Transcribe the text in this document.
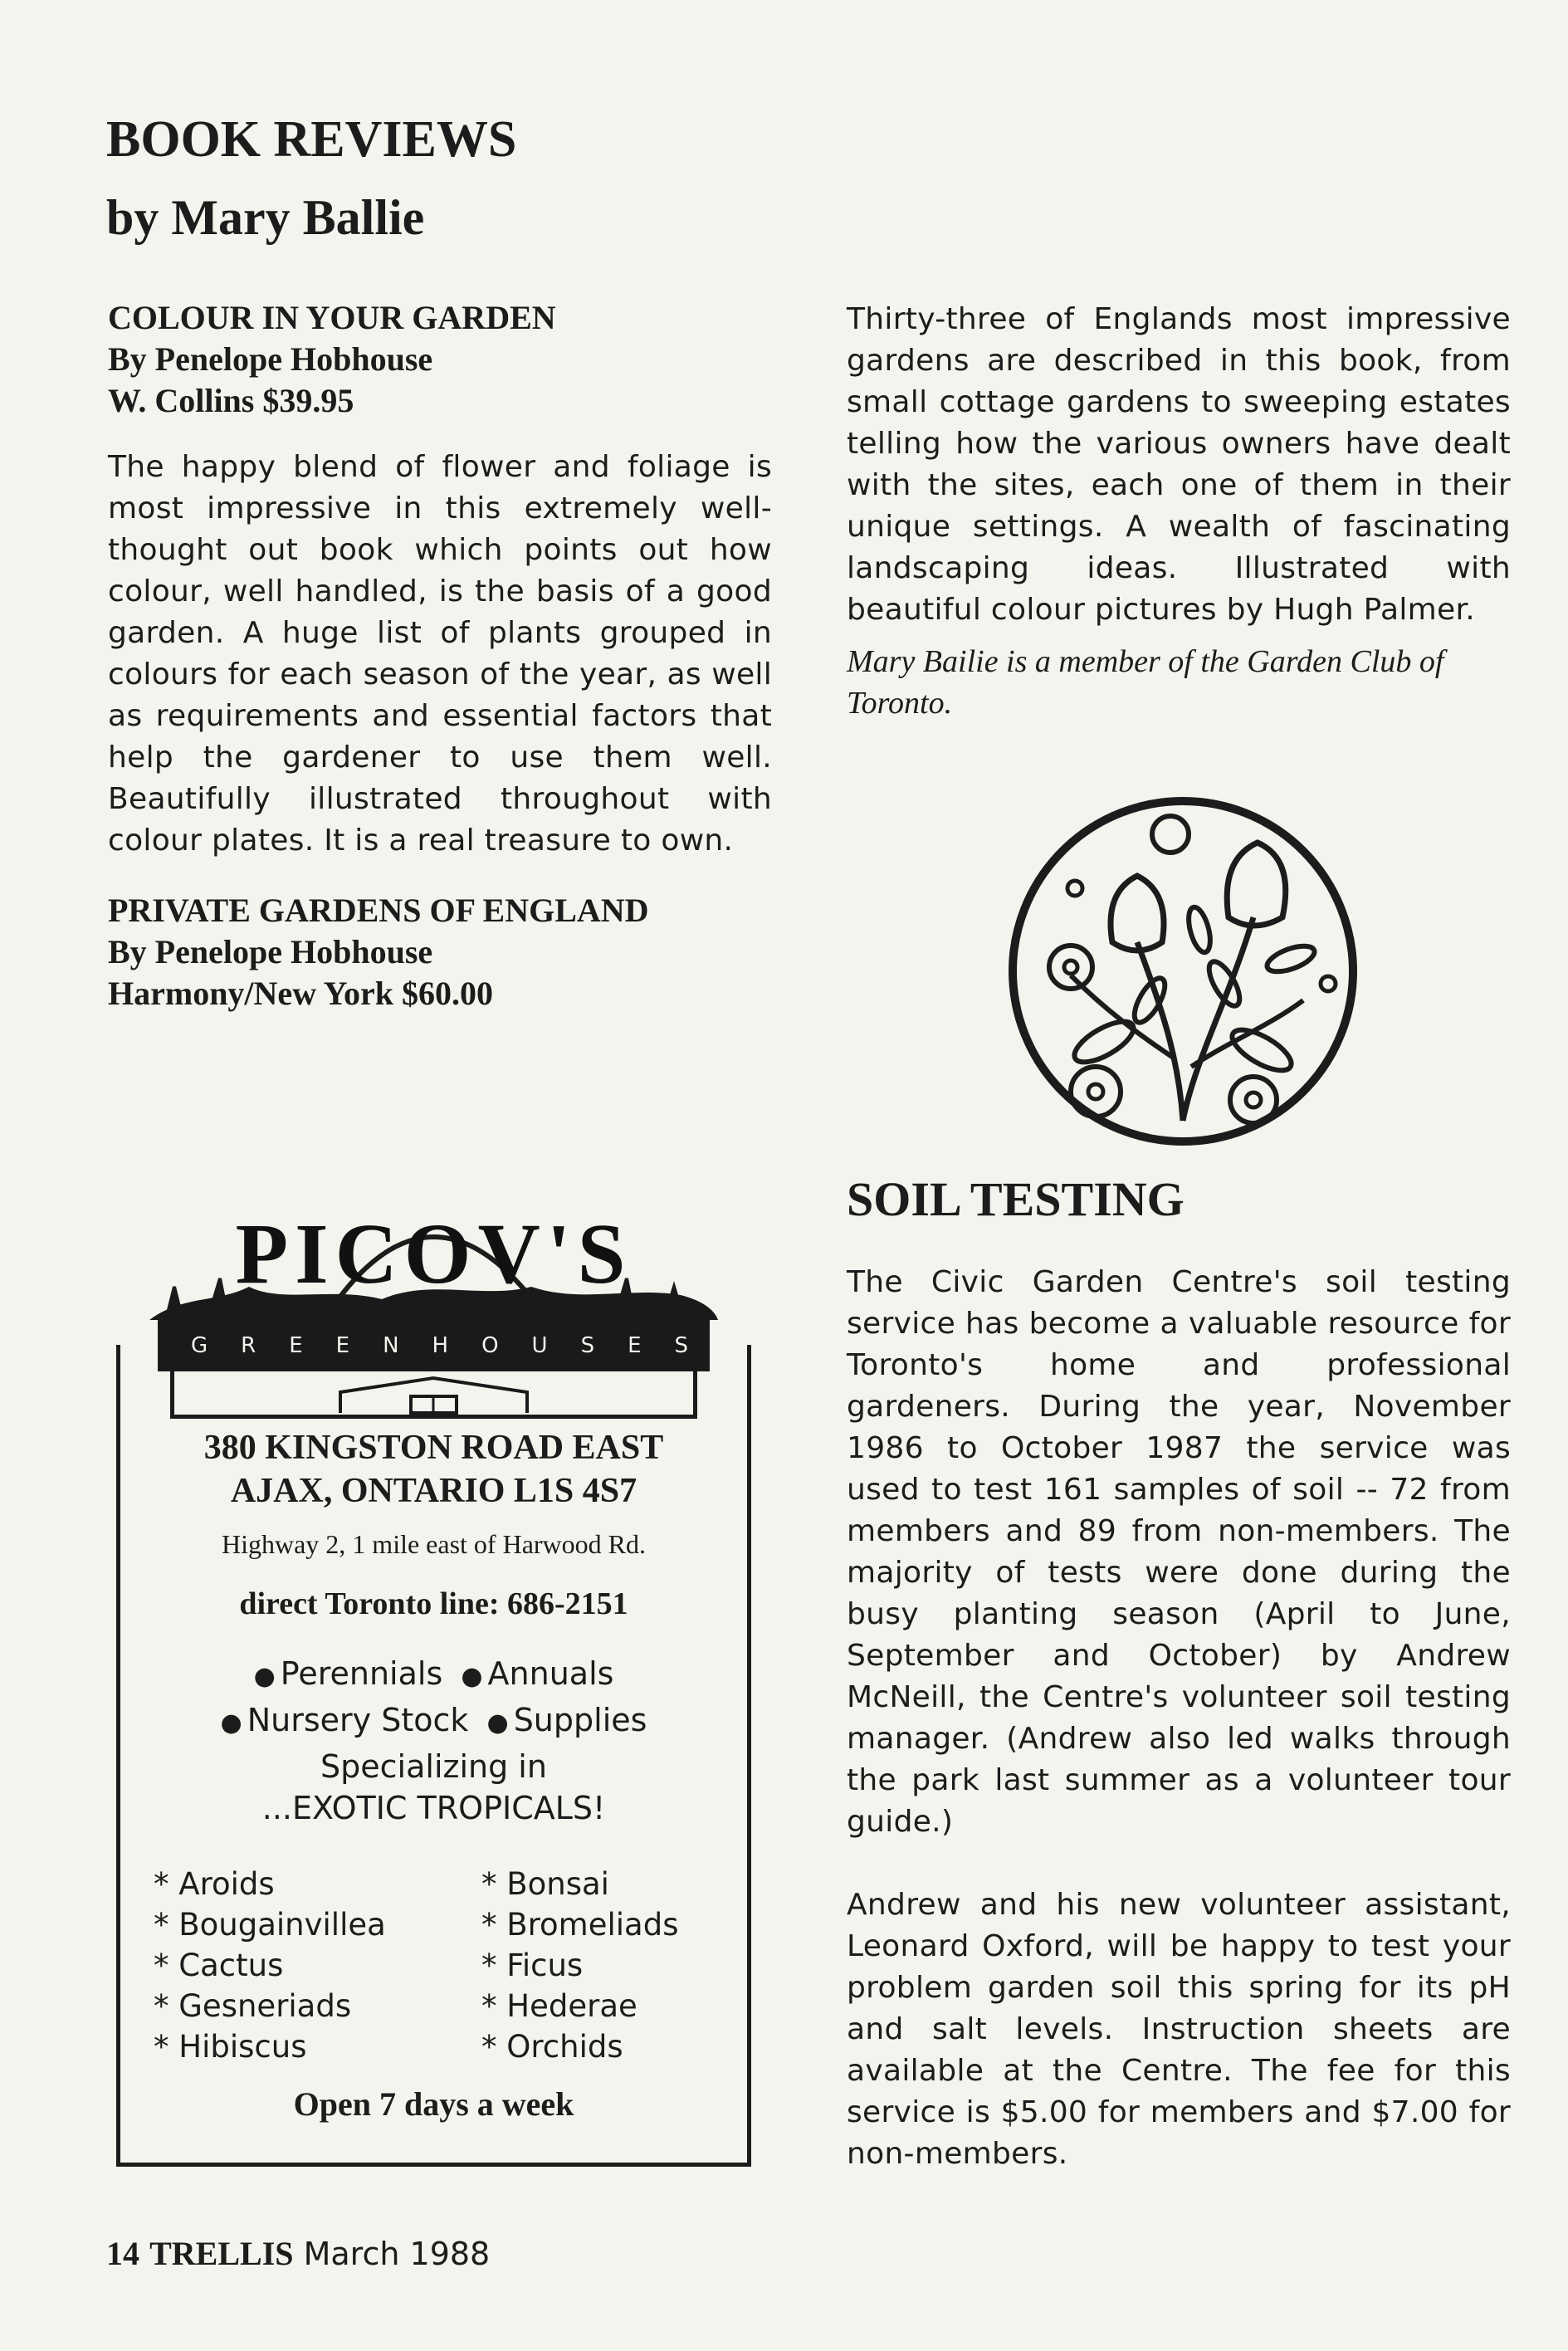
BOOK REVIEWS
by Mary Ballie
COLOUR IN YOUR GARDEN
By Penelope Hobhouse
W. Collins $39.95
The happy blend of flower and foliage is most impressive in this extremely well-thought out book which points out how colour, well handled, is the basis of a good garden. A huge list of plants grouped in colours for each season of the year, as well as requirements and essential factors that help the gardener to use them well. Beautifully illustrated throughout with colour plates. It is a real treasure to own.
PRIVATE GARDENS OF ENGLAND
By Penelope Hobhouse
Harmony/New York $60.00
Thirty-three of Englands most impressive gardens are described in this book, from small cottage gardens to sweeping estates telling how the various owners have dealt with the sites, each one of them in their unique settings. A wealth of fascinating landscaping ideas. Illustrated with beautiful colour pictures by Hugh Palmer.
Mary Bailie is a member of the Garden Club of Toronto.
SOIL TESTING
The Civic Garden Centre's soil testing service has become a valuable resource for Toronto's home and professional gardeners. During the year, November 1986 to October 1987 the service was used to test 161 samples of soil -- 72 from members and 89 from non-members. The majority of tests were done during the busy planting season (April to June, September and October) by Andrew McNeill, the Centre's volunteer soil testing manager. (Andrew also led walks through the park last summer as a volunteer tour guide.)
Andrew and his new volunteer assistant, Leonard Oxford, will be happy to test your problem garden soil this spring for its pH and salt levels. Instruction sheets are available at the Centre. The fee for this service is $5.00 for members and $7.00 for non-members.
PICOV'S
GREENHOUSES
380 KINGSTON ROAD EAST
AJAX, ONTARIO L1S 4S7
Highway 2, 1 mile east of Harwood Rd.
direct Toronto line: 686-2151
● Perennials ● Annuals
● Nursery Stock ● Supplies
Specializing in
...EXOTIC TROPICALS!
* Aroids
* Bougainvillea
* Cactus
* Gesneriads
* Hibiscus
* Bonsai
* Bromeliads
* Ficus
* Hederae
* Orchids
Open 7 days a week
14 TRELLIS March 1988
